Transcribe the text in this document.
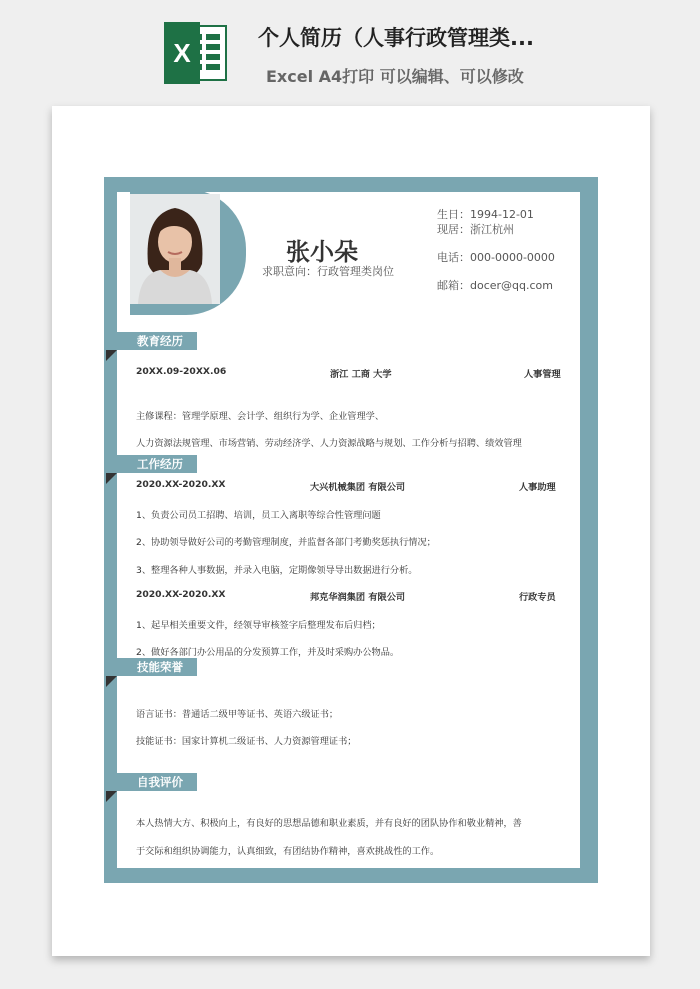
X	个人简历（人事行政管理类...
Excel A4打印 可以编辑、可以修改
张小朵
求职意向：行政管理类岗位
生日：1994-12-01
现居：浙江杭州
电话：000-0000-0000
邮箱：docer@qq.com
教育经历
20XX.09-20XX.06	浙江 工商 大学	人事管理
主修课程：管理学原理、会计学、组织行为学、企业管理学、
人力资源法规管理、市场营销、劳动经济学、人力资源战略与规划、工作分析与招聘、绩效管理
工作经历
2020.XX-2020.XX	大兴机械集团 有限公司	人事助理
1、负责公司员工招聘、培训，员工入离职等综合性管理问题
2、协助领导做好公司的考勤管理制度，并监督各部门考勤奖惩执行情况；
3、整理各种人事数据，并录入电脑，定期像领导导出数据进行分析。
2020.XX-2020.XX	邦克华润集团 有限公司	行政专员
1、起早相关重要文件，经领导审核签字后整理发布后归档；
2、做好各部门办公用品的分发预算工作，并及时采购办公物品。
技能荣誉
语言证书：普通话二级甲等证书、英语六级证书；
技能证书：国家计算机二级证书、人力资源管理证书；
自我评价
本人热情大方、积极向上，有良好的思想品德和职业素质，并有良好的团队协作和敬业精神，善
于交际和组织协调能力，认真细致，有团结协作精神，喜欢挑战性的工作。
